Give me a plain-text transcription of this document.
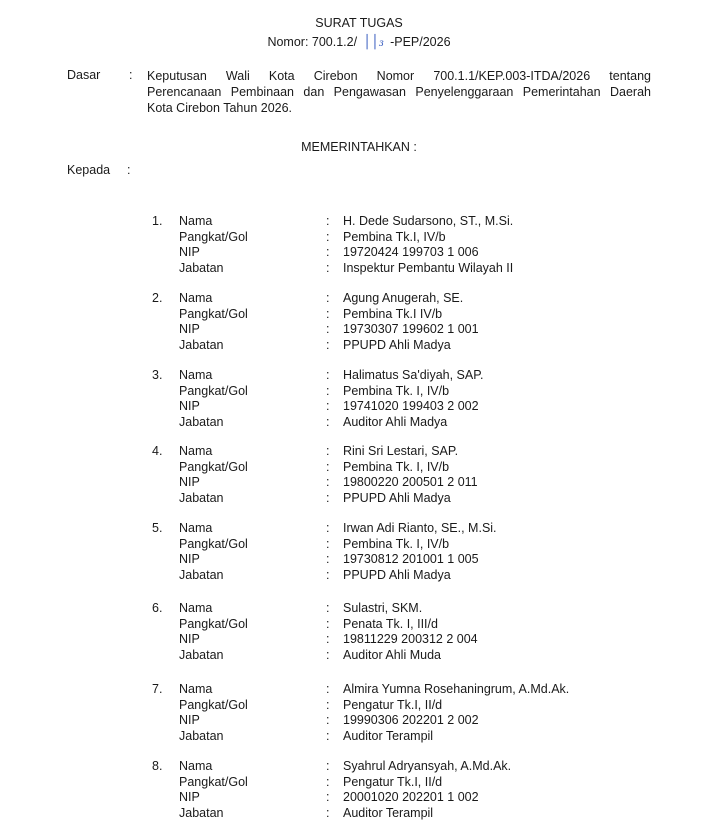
SURAT TUGAS
Nomor: 700.1.2/ ││₃ -PEP/2026
Dasar : Keputusan Wali Kota Cirebon Nomor 700.1.1/KEP.003-ITDA/2026 tentang
Perencanaan Pembinaan dan Pengawasan Penyelenggaraan Pemerintahan Daerah
Kota Cirebon Tahun 2026.
MEMERINTAHKAN :
Kepada :
1. Nama	: H. Dede Sudarsono, ST., M.Si.
Pangkat/Gol	: Pembina Tk.I, IV/b
NIP	: 19720424 199703 1 006
Jabatan	: Inspektur Pembantu Wilayah II
2. Nama	: Agung Anugerah, SE.
Pangkat/Gol	: Pembina Tk.I IV/b
NIP	: 19730307 199602 1 001
Jabatan	: PPUPD Ahli Madya
3. Nama	: Halimatus Sa'diyah, SAP.
Pangkat/Gol	: Pembina Tk. I, IV/b
NIP	: 19741020 199403 2 002
Jabatan	: Auditor Ahli Madya
4. Nama	: Rini Sri Lestari, SAP.
Pangkat/Gol	: Pembina Tk. I, IV/b
NIP	: 19800220 200501 2 011
Jabatan	: PPUPD Ahli Madya
5. Nama	: Irwan Adi Rianto, SE., M.Si.
Pangkat/Gol	: Pembina Tk. I, IV/b
NIP	: 19730812 201001 1 005
Jabatan	: PPUPD Ahli Madya
6. Nama	: Sulastri, SKM.
Pangkat/Gol	: Penata Tk. I, III/d
NIP	: 19811229 200312 2 004
Jabatan	: Auditor Ahli Muda
7. Nama	: Almira Yumna Rosehaningrum, A.Md.Ak.
Pangkat/Gol	: Pengatur Tk.I, II/d
NIP	: 19990306 202201 2 002
Jabatan	: Auditor Terampil
8. Nama	: Syahrul Adryansyah, A.Md.Ak.
Pangkat/Gol	: Pengatur Tk.I, II/d
NIP	: 20001020 202201 1 002
Jabatan	: Auditor Terampil
